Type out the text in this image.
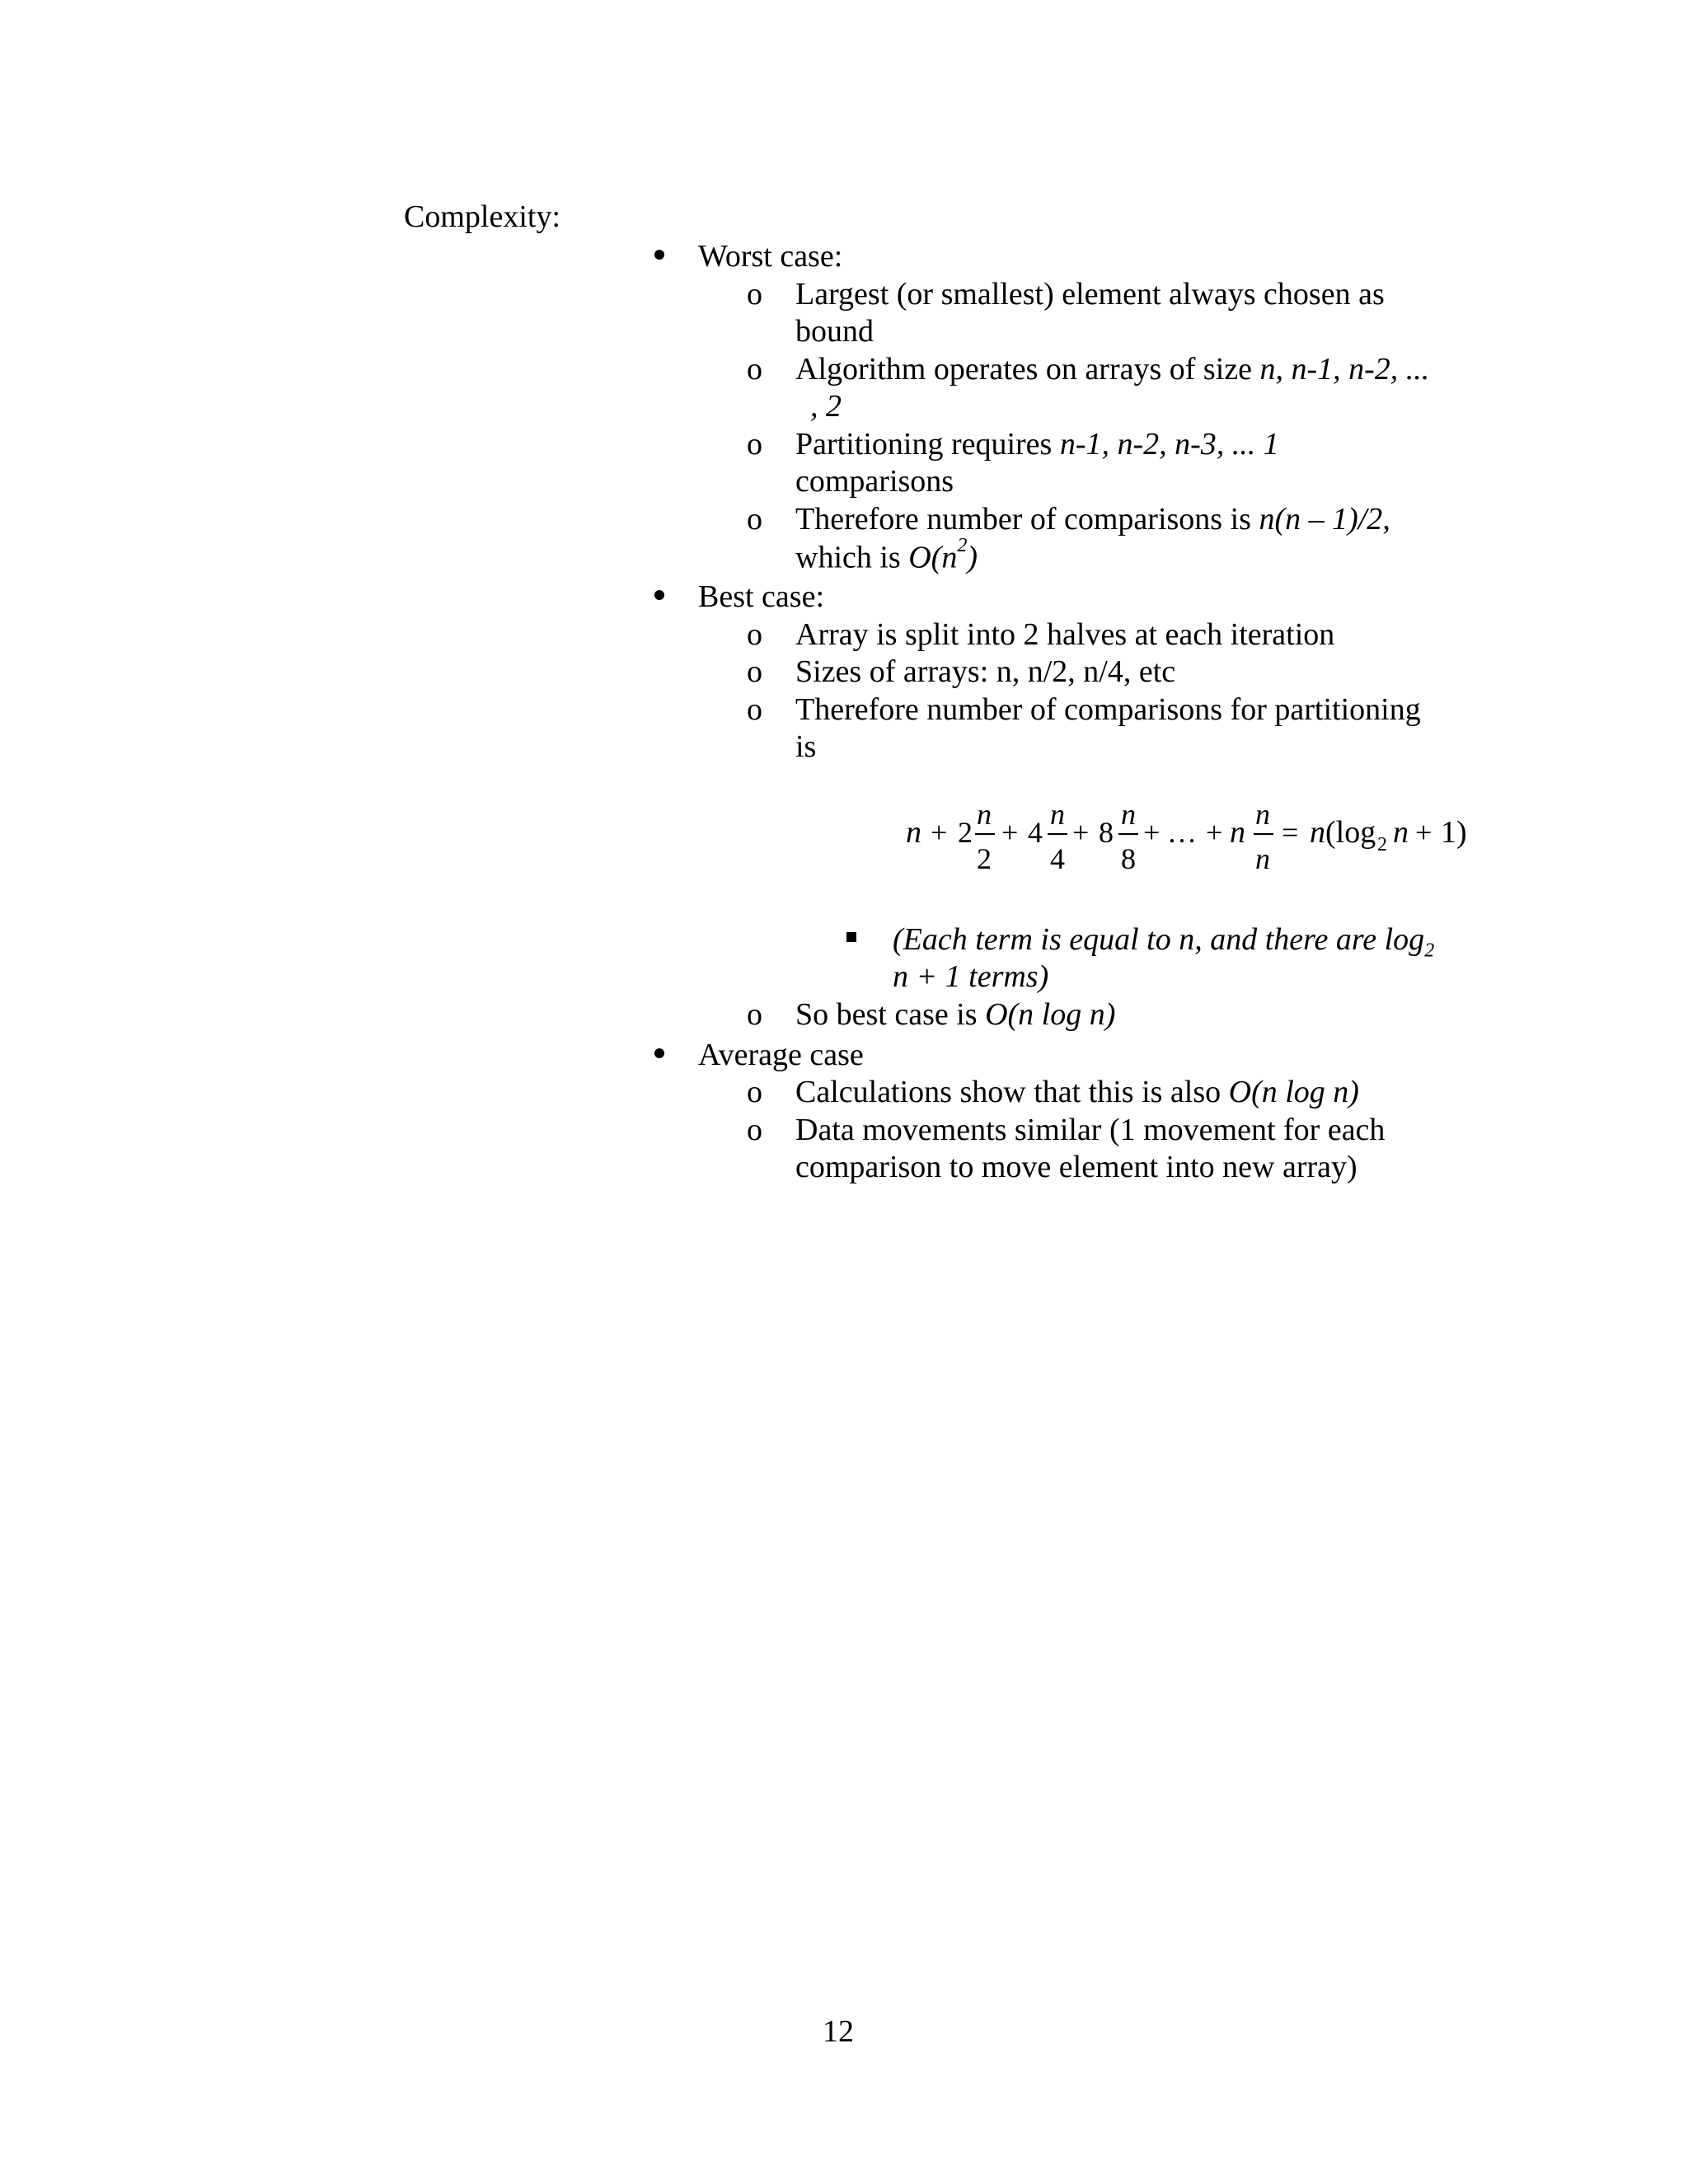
Complexity:
Worst case:
o Largest (or smallest) element always chosen as
bound
o Algorithm operates on arrays of size n, n-1, n-2, ...
, 2
o Partitioning requires n-1, n-2, n-3, ... 1
comparisons
o Therefore number of comparisons is n(n – 1)/2,
which is $O(n^2)$
Best case:
o Array is split into 2 halves at each iteration
o Sizes of arrays: n, n/2, n/4, etc
o Therefore number of comparisons for partitioning
is
n + 2
n
2
+ 4
n
4
+ 8
n
8
+ … + n
n
n
= n (log 2 n + 1)
(Each term is equal to n, and there are $\log_2$
n + 1 terms)
o So best case is O(n log n)
Average case
o Calculations show that this is also O(n log n)
o Data movements similar (1 movement for each
comparison to move element into new array)
12
